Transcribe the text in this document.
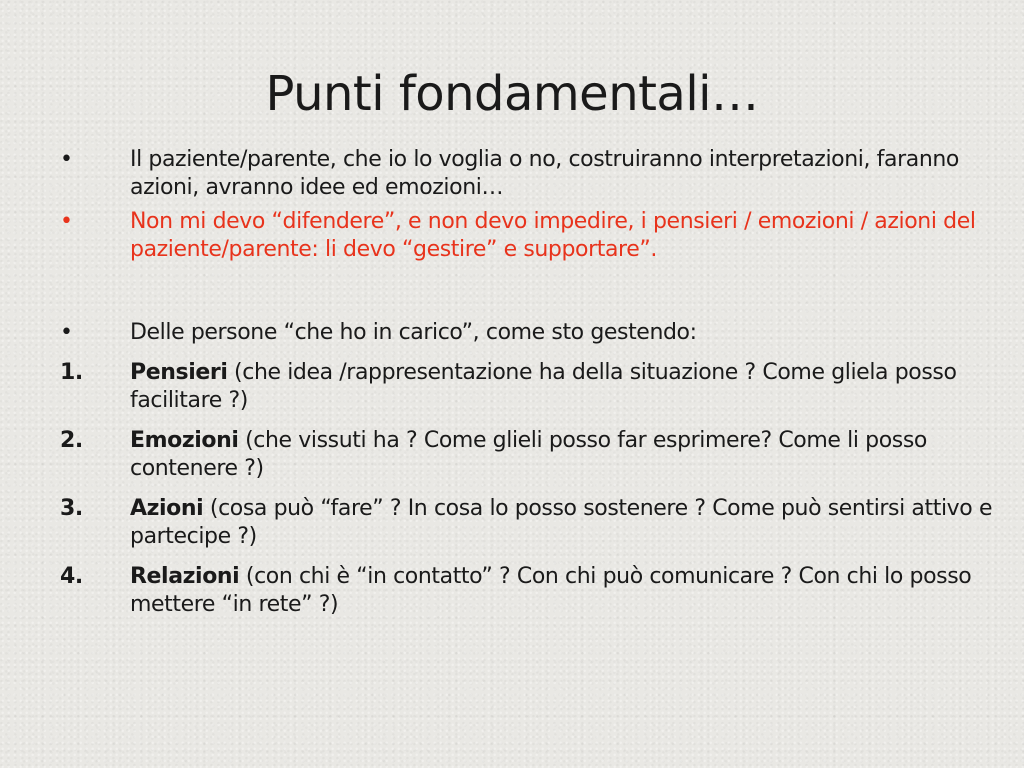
Punti fondamentali…
•	Il paziente/parente, che io lo voglia o no, costruiranno interpretazioni, faranno azioni, avranno idee ed emozioni…
•	Non mi devo “difendere”, e non devo impedire, i pensieri / emozioni / azioni del paziente/parente: li devo “gestire” e supportare”.
•	Delle persone “che ho in carico”, come sto gestendo:
1.	Pensieri (che idea /rappresentazione ha della situazione ? Come gliela posso facilitare ?)
2.	Emozioni (che vissuti ha ? Come glieli posso far esprimere? Come li posso contenere ?)
3.	Azioni (cosa può “fare” ? In cosa lo posso sostenere ? Come può sentirsi attivo e partecipe ?)
4.	Relazioni (con chi è “in contatto” ? Con chi può comunicare ? Con chi lo posso mettere “in rete” ?)
